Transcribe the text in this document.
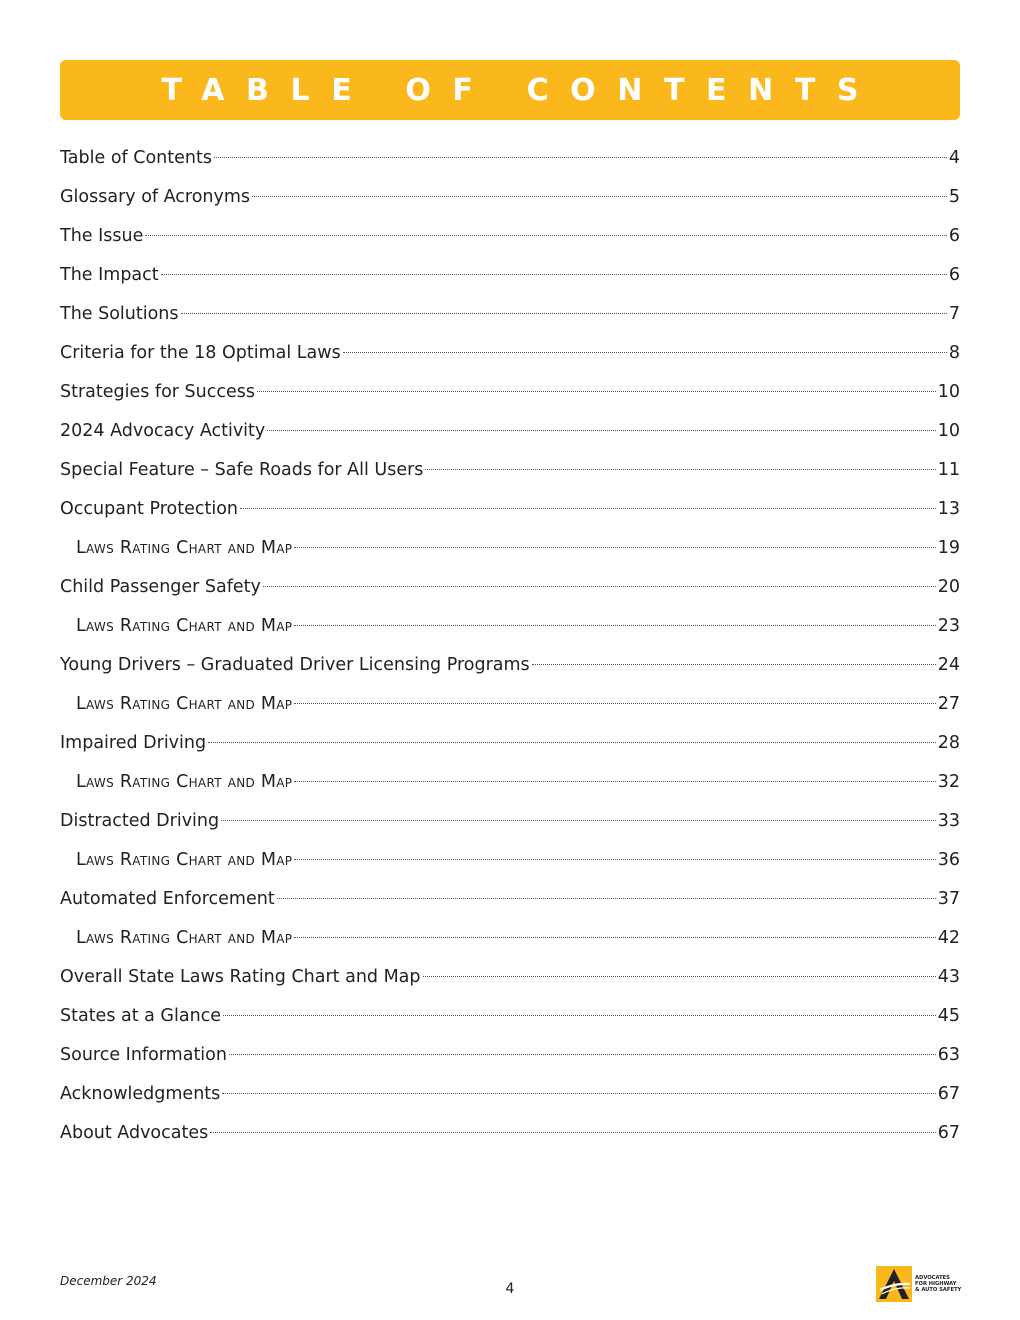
TABLE OF CONTENTS
Table of Contents	4
Glossary of Acronyms	5
The Issue	6
The Impact	6
The Solutions	7
Criteria for the 18 Optimal Laws	8
Strategies for Success	10
2024 Advocacy Activity	10
Special Feature – Safe Roads for All Users	11
Occupant Protection	13
Laws Rating Chart and Map	19
Child Passenger Safety	20
Laws Rating Chart and Map	23
Young Drivers – Graduated Driver Licensing Programs	24
Laws Rating Chart and Map	27
Impaired Driving	28
Laws Rating Chart and Map	32
Distracted Driving	33
Laws Rating Chart and Map	36
Automated Enforcement	37
Laws Rating Chart and Map	42
Overall State Laws Rating Chart and Map	43
States at a Glance	45
Source Information	63
Acknowledgments	67
About Advocates	67
December 2024	4
ADVOCATES
FOR HIGHWAY
& AUTO SAFETY
